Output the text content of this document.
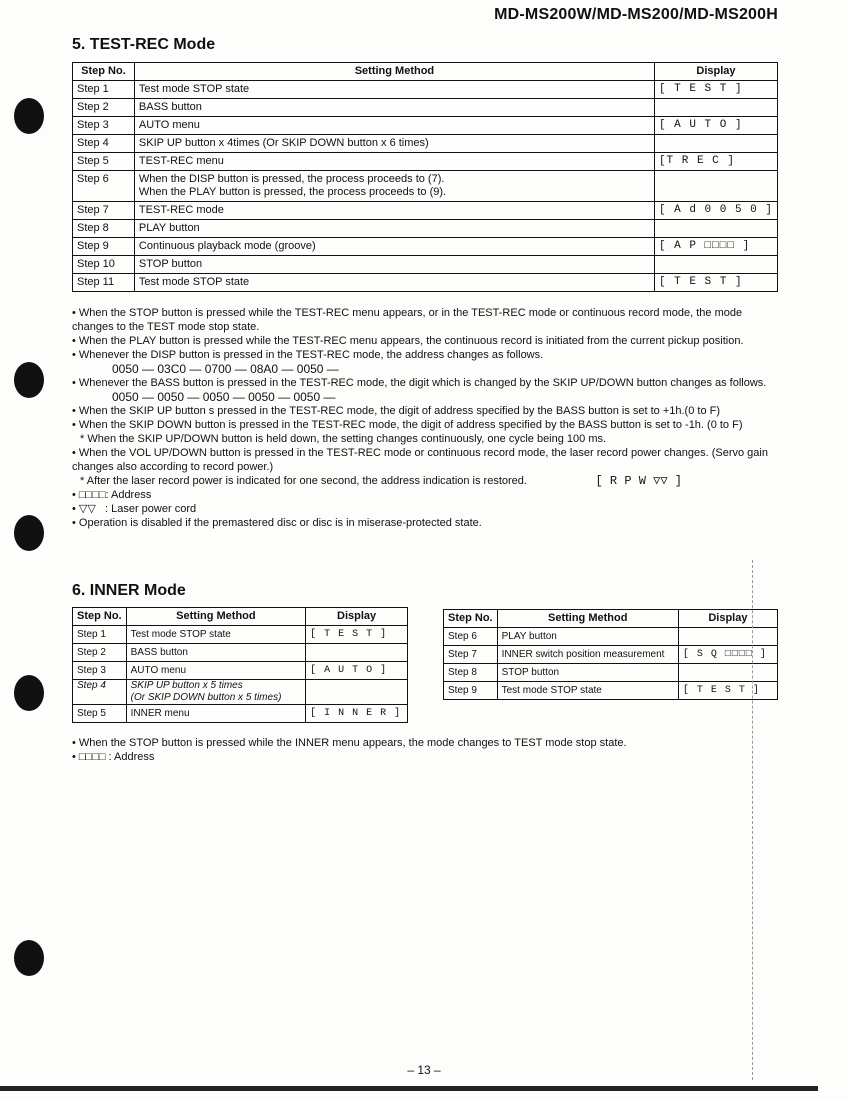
MD-MS200W/MD-MS200/MD-MS200H
5. TEST-REC Mode
Step No.	Setting Method	Display
Step 1	Test mode STOP state	[ T E S T ]
Step 2	BASS button	
Step 3	AUTO menu	[ A U T O ]
Step 4	SKIP UP button x 4times (Or SKIP DOWN button x 6 times)	
Step 5	TEST-REC menu	[T R E C ]
Step 6	When the DISP button is pressed, the process proceeds to (7).
When the PLAY button is pressed, the process proceeds to (9).	
Step 7	TEST-REC mode	[ A d 0 0 5 0 ]
Step 8	PLAY button	
Step 9	Continuous playback mode (groove)	[ A P □□□□ ]
Step 10	STOP button	
Step 11	Test mode STOP state	[ T E S T ]

• When the STOP button is pressed while the TEST-REC menu appears, or in the TEST-REC mode or continuous record mode, the mode changes to the TEST mode stop state.

• When the PLAY button is pressed while the TEST-REC menu appears, the continuous record is initiated from the current pickup position.

• Whenever the DISP button is pressed in the TEST-REC mode, the address changes as follows.

0050 — 03C0 — 0700 — 08A0 — 0050 —

• Whenever the BASS button is pressed in the TEST-REC mode, the digit which is changed by the SKIP UP/DOWN button changes as follows.

0050 — 0050 — 0050 — 0050 — 0050 —

• When the SKIP UP button s pressed in the TEST-REC mode, the digit of address specified by the BASS button is set to +1h.(0 to F)

• When the SKIP DOWN button is pressed in the TEST-REC mode, the digit of address specified by the BASS button is set to -1h. (0 to F)

* When the SKIP UP/DOWN button is held down, the setting changes continuously, one cycle being 100 ms.

• When the VOL UP/DOWN button is pressed in the TEST-REC mode or continuous record mode, the laser record power changes. (Servo gain changes also according to record power.)

* After the laser record power is indicated for one second, the address indication is restored.	[ R P W ▽▽ ]

• □□□□: Address

• ▽▽   : Laser power cord

• Operation is disabled if the premastered disc or disc is in miserase-protected state.

6. INNER Mode
Step No.	Setting Method	Display
Step 1	Test mode STOP state	[ T E S T ]
Step 2	BASS button	
Step 3	AUTO menu	[ A U T O ]
Step 4	SKIP UP button x 5 times
(Or SKIP DOWN button x 5 times)	
Step 5	INNER menu	[ I N N E R ]
Step No.	Setting Method	Display
Step 6	PLAY button	
Step 7	INNER switch position measurement	[ S Q □□□□ ]
Step 8	STOP button	
Step 9	Test mode STOP state	[ T E S T ]

• When the STOP button is pressed while the INNER menu appears, the mode changes to TEST mode stop state.

• □□□□ : Address

– 13 –
